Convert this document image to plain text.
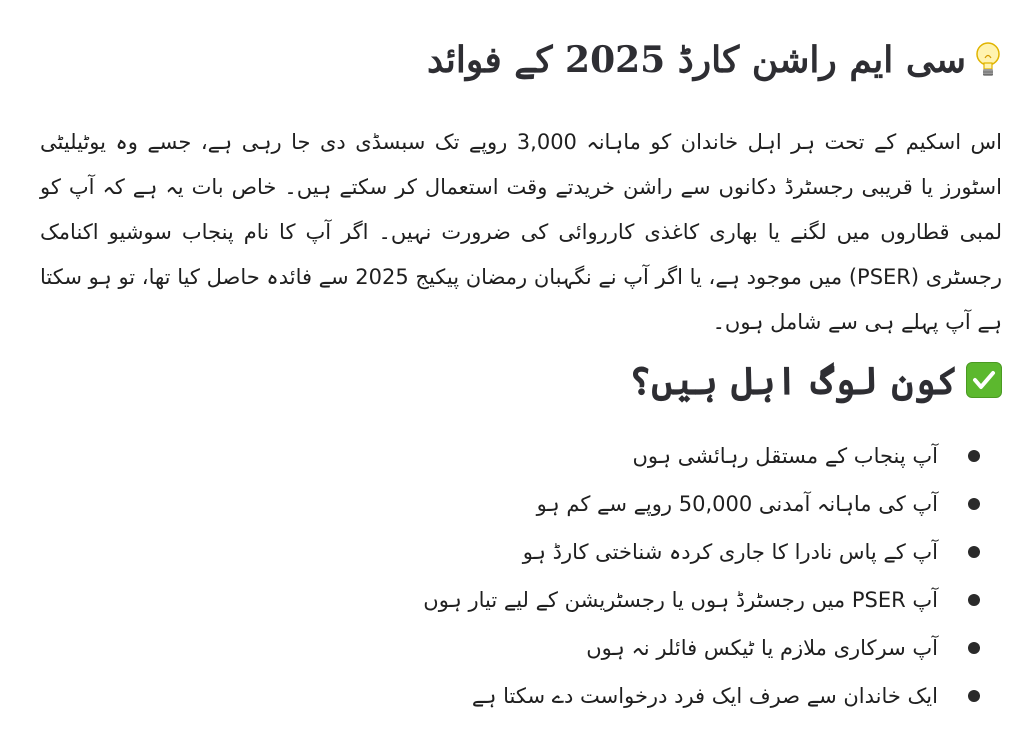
سی ایم راشن کارڈ 2025 کے فوائد

اس اسکیم کے تحت ہر اہل خاندان کو ماہانہ 3,000 روپے تک سبسڈی دی جا رہی ہے، جسے وہ یوٹیلیٹی اسٹورز یا قریبی رجسٹرڈ دکانوں سے راشن خریدتے وقت استعمال کر سکتے ہیں۔ خاص بات یہ ہے کہ آپ کو لمبی قطاروں میں لگنے یا بھاری کاغذی کارروائی کی ضرورت نہیں۔ اگر آپ کا نام پنجاب سوشیو اکنامک رجسٹری (PSER) میں موجود ہے، یا اگر آپ نے نگہبان رمضان پیکیج 2025 سے فائدہ حاصل کیا تھا، تو ہو سکتا ہے آپ پہلے ہی سے شامل ہوں۔

کون لوگ اہل ہیں؟
آپ پنجاب کے مستقل رہائشی ہوں
آپ کی ماہانہ آمدنی 50,000 روپے سے کم ہو
آپ کے پاس نادرا کا جاری کردہ شناختی کارڈ ہو
آپ PSER میں رجسٹرڈ ہوں یا رجسٹریشن کے لیے تیار ہوں
آپ سرکاری ملازم یا ٹیکس فائلر نہ ہوں
ایک خاندان سے صرف ایک فرد درخواست دے سکتا ہے
